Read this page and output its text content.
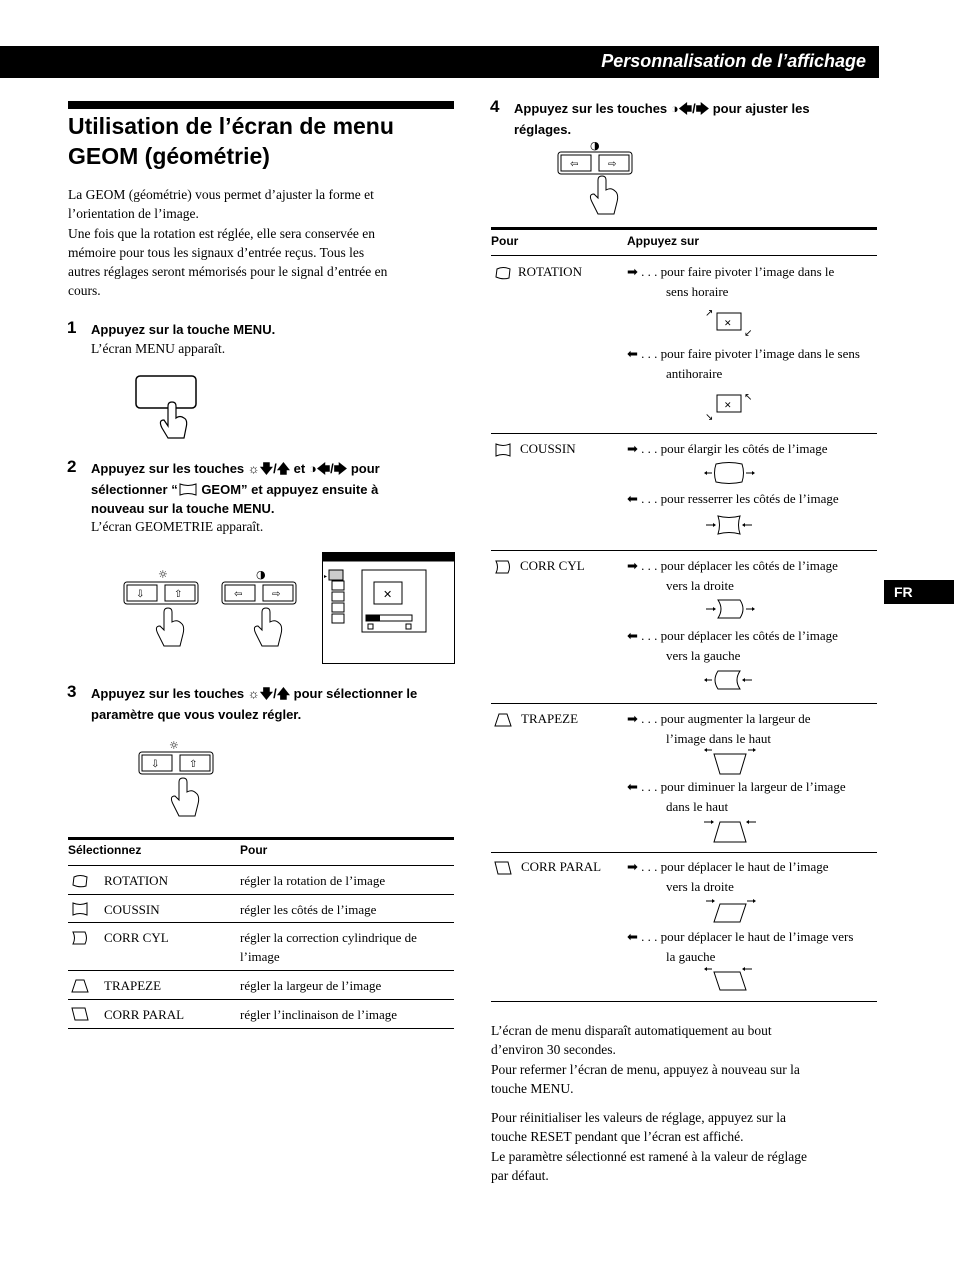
Personnalisation de l’affichage
FR
Utilisation de l’écran de menu
GEOM (géométrie)
La GEOM (géométrie) vous permet d’ajuster la forme et
l’orientation de l’image.
Une fois que la rotation est réglée, elle sera conservée en
mémoire pour tous les signaux d’entrée reçus. Tous les
autres réglages seront mémorisés pour le signal d’entrée en
cours.
1 Appuyez sur la touche MENU.
L’écran MENU apparaît.
2 Appuyez sur les touches ☼🡇/🡅 et ◑🡄/🡆 pour
sélectionner “ GEOM” et appuyez ensuite à
nouveau sur la touche MENU.
L’écran GEOMETRIE apparaît.
☼
⇩	⇧
◑
⇦	⇨
▸
✕
3 Appuyez sur les touches ☼🡇/🡅 pour sélectionner le
paramètre que vous voulez régler.
☼
⇩	⇧
Sélectionnez	Pour
ROTATION	régler la rotation de l’image
COUSSIN	régler les côtés de l’image
CORR CYL	régler la correction cylindrique de
l’image
TRAPEZE	régler la largeur de l’image
CORR PARAL	régler l’inclinaison de l’image
4 Appuyez sur les touches ◑🡄/🡆 pour ajuster les
réglages.
◑
⇦	⇨
Pour	Appuyez sur
ROTATION	➡ . . . pour faire pivoter l’image dans le
sens horaire
✕
↗
↙
⬅ . . . pour faire pivoter l’image dans le sens
antihoraire
✕
↖
↘
COUSSIN	➡ . . . pour élargir les côtés de l’image
⬅ . . . pour resserrer les côtés de l’image
CORR CYL	➡ . . . pour déplacer les côtés de l’image
vers la droite
⬅ . . . pour déplacer les côtés de l’image
vers la gauche
TRAPEZE	➡ . . . pour augmenter la largeur de
l’image dans le haut
⬅ . . . pour diminuer la largeur de l’image
dans le haut
CORR PARAL ➡ . . . pour déplacer le haut de l’image
vers la droite
⬅ . . . pour déplacer le haut de l’image vers
la gauche
L’écran de menu disparaît automatiquement au bout
d’environ 30 secondes.
Pour refermer l’écran de menu, appuyez à nouveau sur la
touche MENU.
Pour réinitialiser les valeurs de réglage, appuyez sur la
touche RESET pendant que l’écran est affiché.
Le paramètre sélectionné est ramené à la valeur de réglage
par défaut.
